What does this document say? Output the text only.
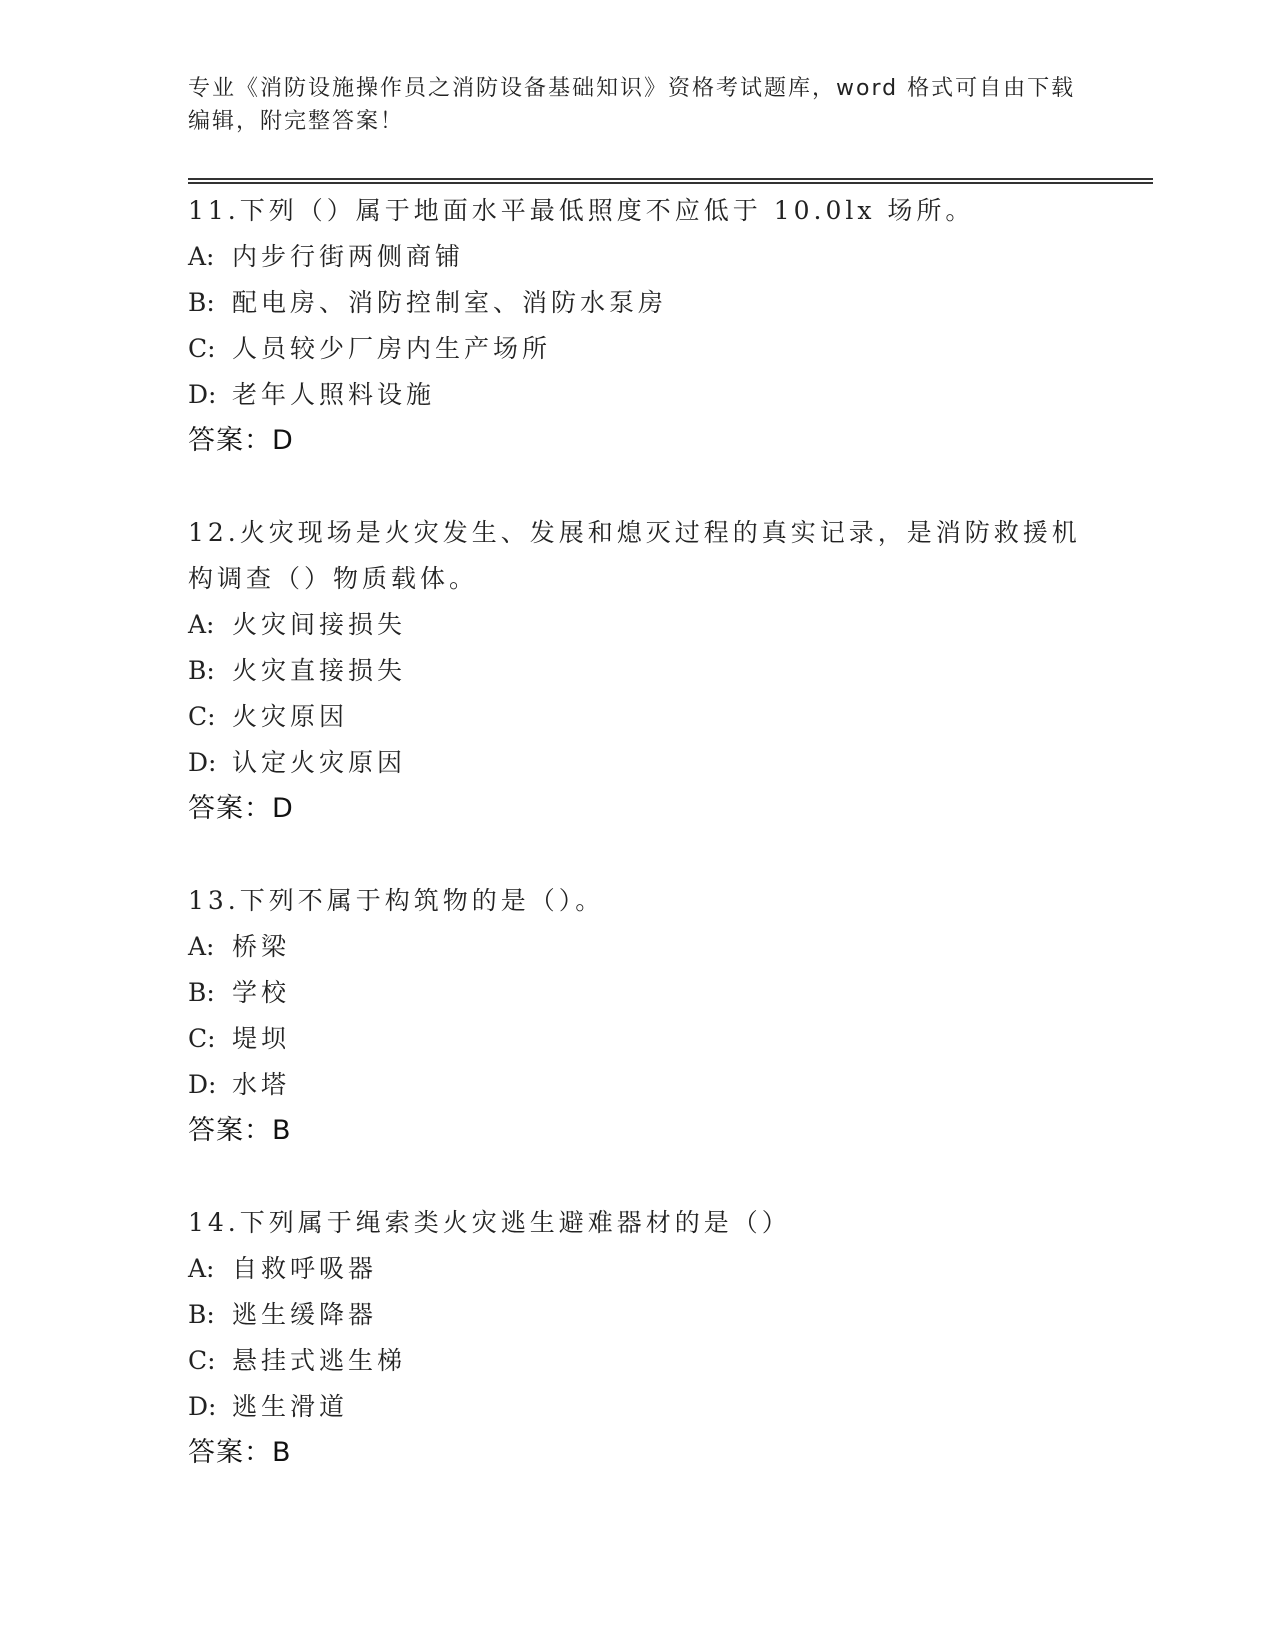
专业《消防设施操作员之消防设备基础知识》资格考试题库，word 格式可自由下载编辑，附完整答案！
11.下列（）属于地面水平最低照度不应低于 10.0lx 场所。
A: 内步行街两侧商铺
B: 配电房、消防控制室、消防水泵房
C: 人员较少厂房内生产场所
D: 老年人照料设施
答案：D
12.火灾现场是火灾发生、发展和熄灭过程的真实记录，是消防救援机构调查（）物质载体。
A: 火灾间接损失
B: 火灾直接损失
C: 火灾原因
D: 认定火灾原因
答案：D
13.下列不属于构筑物的是（）。
A: 桥梁
B: 学校
C: 堤坝
D: 水塔
答案：B
14.下列属于绳索类火灾逃生避难器材的是（）
A: 自救呼吸器
B: 逃生缓降器
C: 悬挂式逃生梯
D: 逃生滑道
答案：B
